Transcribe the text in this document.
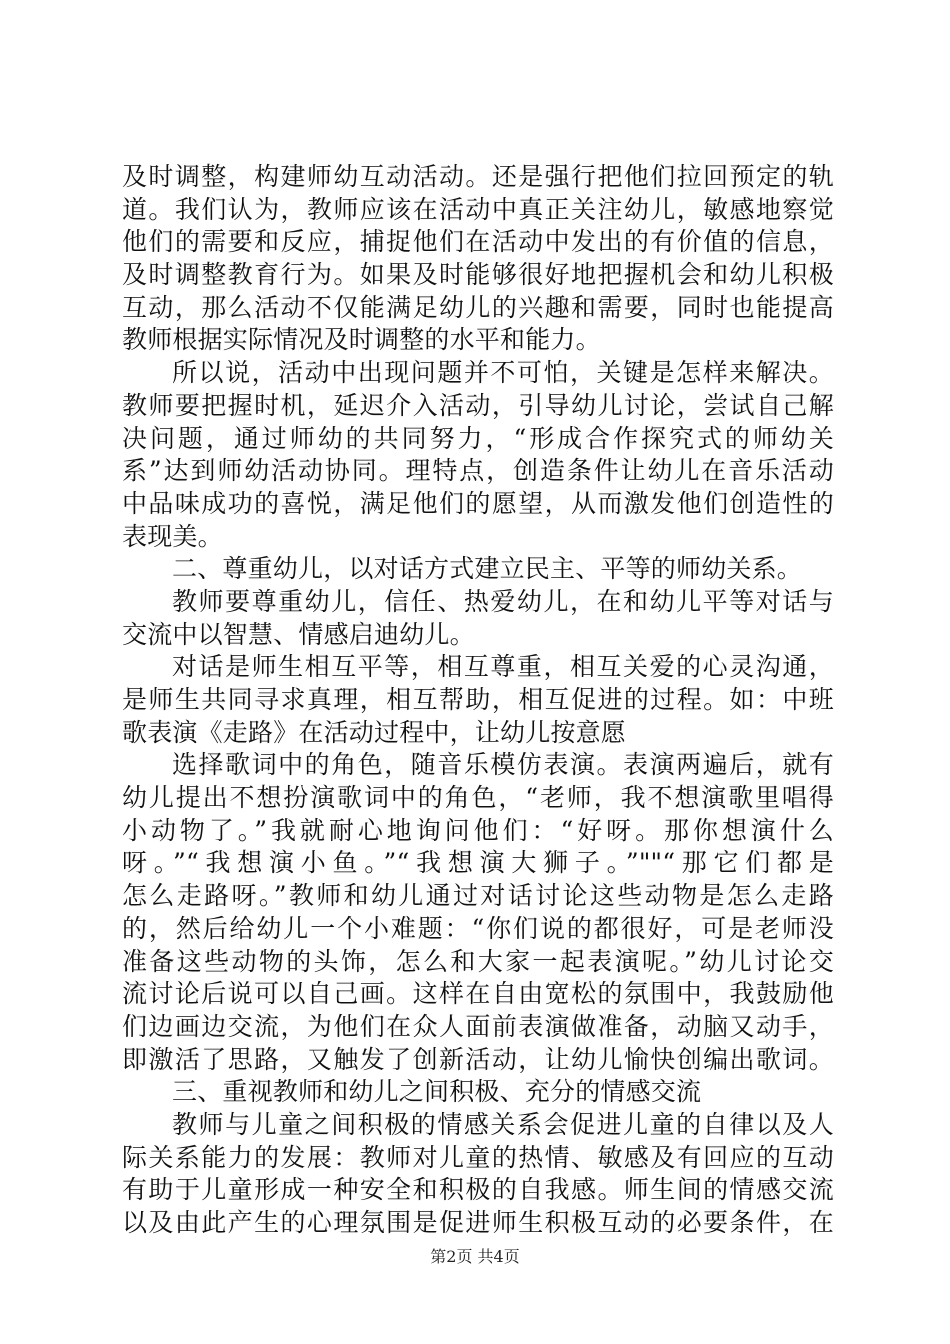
及时调整，构建师幼互动活动。还是强行把他们拉回预定的轨
道。我们认为，教师应该在活动中真正关注幼儿，敏感地察觉
他们的需要和反应，捕捉他们在活动中发出的有价值的信息，
及时调整教育行为。如果及时能够很好地把握机会和幼儿积极
互动，那么活动不仅能满足幼儿的兴趣和需要，同时也能提高
教师根据实际情况及时调整的水平和能力。
所以说，活动中出现问题并不可怕，关键是怎样来解决。
教师要把握时机，延迟介入活动，引导幼儿讨论，尝试自己解
决问题，通过师幼的共同努力，“形成合作探究式的师幼关
系”达到师幼活动协同。理特点，创造条件让幼儿在音乐活动
中品味成功的喜悦，满足他们的愿望，从而激发他们创造性的
表现美。
二、尊重幼儿，以对话方式建立民主、平等的师幼关系。
教师要尊重幼儿，信任、热爱幼儿，在和幼儿平等对话与
交流中以智慧、情感启迪幼儿。
对话是师生相互平等，相互尊重，相互关爱的心灵沟通，
是师生共同寻求真理，相互帮助，相互促进的过程。如：中班
歌表演《走路》在活动过程中，让幼儿按意愿
选择歌词中的角色，随音乐模仿表演。表演两遍后，就有
幼儿提出不想扮演歌词中的角色，“老师，我不想演歌里唱得
小动物了。”我就耐心地询问他们：“好呀。那你想演什么
呀。”“我想演小鱼。”“我想演大狮子。”""“那它们都是
怎么走路呀。”教师和幼儿通过对话讨论这些动物是怎么走路
的，然后给幼儿一个小难题：“你们说的都很好，可是老师没
准备这些动物的头饰，怎么和大家一起表演呢。”幼儿讨论交
流讨论后说可以自己画。这样在自由宽松的氛围中，我鼓励他
们边画边交流，为他们在众人面前表演做准备，动脑又动手，
即激活了思路，又触发了创新活动，让幼儿愉快创编出歌词。
三、重视教师和幼儿之间积极、充分的情感交流
教师与儿童之间积极的情感关系会促进儿童的自律以及人
际关系能力的发展：教师对儿童的热情、敏感及有回应的互动
有助于儿童形成一种安全和积极的自我感。师生间的情感交流
以及由此产生的心理氛围是促进师生积极互动的必要条件，在
第2页 共4页
